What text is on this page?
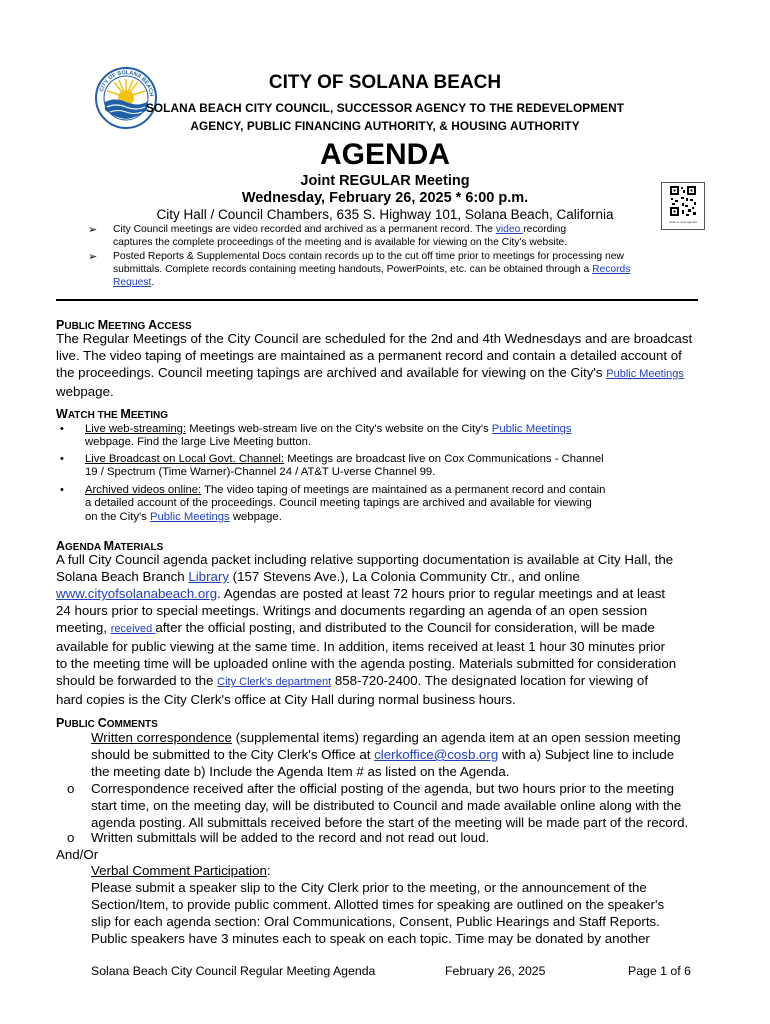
CITY OF SOLANA BEACH
CITY OF SOLANA BEACH
SOLANA BEACH CITY COUNCIL, SUCCESSOR AGENCY TO THE REDEVELOPMENT
AGENCY, PUBLIC FINANCING AUTHORITY, & HOUSING AUTHORITY
AGENDA
Joint REGULAR Meeting
Wednesday, February 26, 2025 * 6:00 p.m.
City Hall / Council Chambers, 635 S. Highway 101, Solana Beach, California	Scan to view agenda
➢ City Council meetings are video recorded and archived as a permanent record. The video recording
captures the complete proceedings of the meeting and is available for viewing on the City's website.
➢ Posted Reports & Supplemental Docs contain records up to the cut off time prior to meetings for processing new
submittals. Complete records containing meeting handouts, PowerPoints, etc. can be obtained through a Records
Request.
PUBLIC MEETING ACCESS
The Regular Meetings of the City Council are scheduled for the 2nd and 4th Wednesdays and are broadcast
live. The video taping of meetings are maintained as a permanent record and contain a detailed account of
the proceedings. Council meeting tapings are archived and available for viewing on the City's Public Meetings
webpage.
WATCH THE MEETING
• Live web-streaming: Meetings web-stream live on the City's website on the City's Public Meetings
webpage. Find the large Live Meeting button.
• Live Broadcast on Local Govt. Channel: Meetings are broadcast live on Cox Communications - Channel
19 / Spectrum (Time Warner)-Channel 24 / AT&T U-verse Channel 99.
• Archived videos online: The video taping of meetings are maintained as a permanent record and contain
a detailed account of the proceedings. Council meeting tapings are archived and available for viewing
on the City's Public Meetings webpage.
AGENDA MATERIALS
A full City Council agenda packet including relative supporting documentation is available at City Hall, the
Solana Beach Branch Library (157 Stevens Ave.), La Colonia Community Ctr., and online
www.cityofsolanabeach.org. Agendas are posted at least 72 hours prior to regular meetings and at least
24 hours prior to special meetings. Writings and documents regarding an agenda of an open session
meeting, received after the official posting, and distributed to the Council for consideration, will be made
available for public viewing at the same time. In addition, items received at least 1 hour 30 minutes prior
to the meeting time will be uploaded online with the agenda posting. Materials submitted for consideration
should be forwarded to the City Clerk's department 858-720-2400. The designated location for viewing of
hard copies is the City Clerk's office at City Hall during normal business hours.
PUBLIC COMMENTS
Written correspondence (supplemental items) regarding an agenda item at an open session meeting
should be submitted to the City Clerk's Office at clerkoffice@cosb.org with a) Subject line to include
the meeting date b) Include the Agenda Item # as listed on the Agenda.
o Correspondence received after the official posting of the agenda, but two hours prior to the meeting
start time, on the meeting day, will be distributed to Council and made available online along with the
agenda posting. All submittals received before the start of the meeting will be made part of the record.
o Written submittals will be added to the record and not read out loud.
And/Or
Verbal Comment Participation:
Please submit a speaker slip to the City Clerk prior to the meeting, or the announcement of the
Section/Item, to provide public comment. Allotted times for speaking are outlined on the speaker's
slip for each agenda section: Oral Communications, Consent, Public Hearings and Staff Reports.
Public speakers have 3 minutes each to speak on each topic. Time may be donated by another
Solana Beach City Council Regular Meeting Agenda	February 26, 2025	Page 1 of 6
